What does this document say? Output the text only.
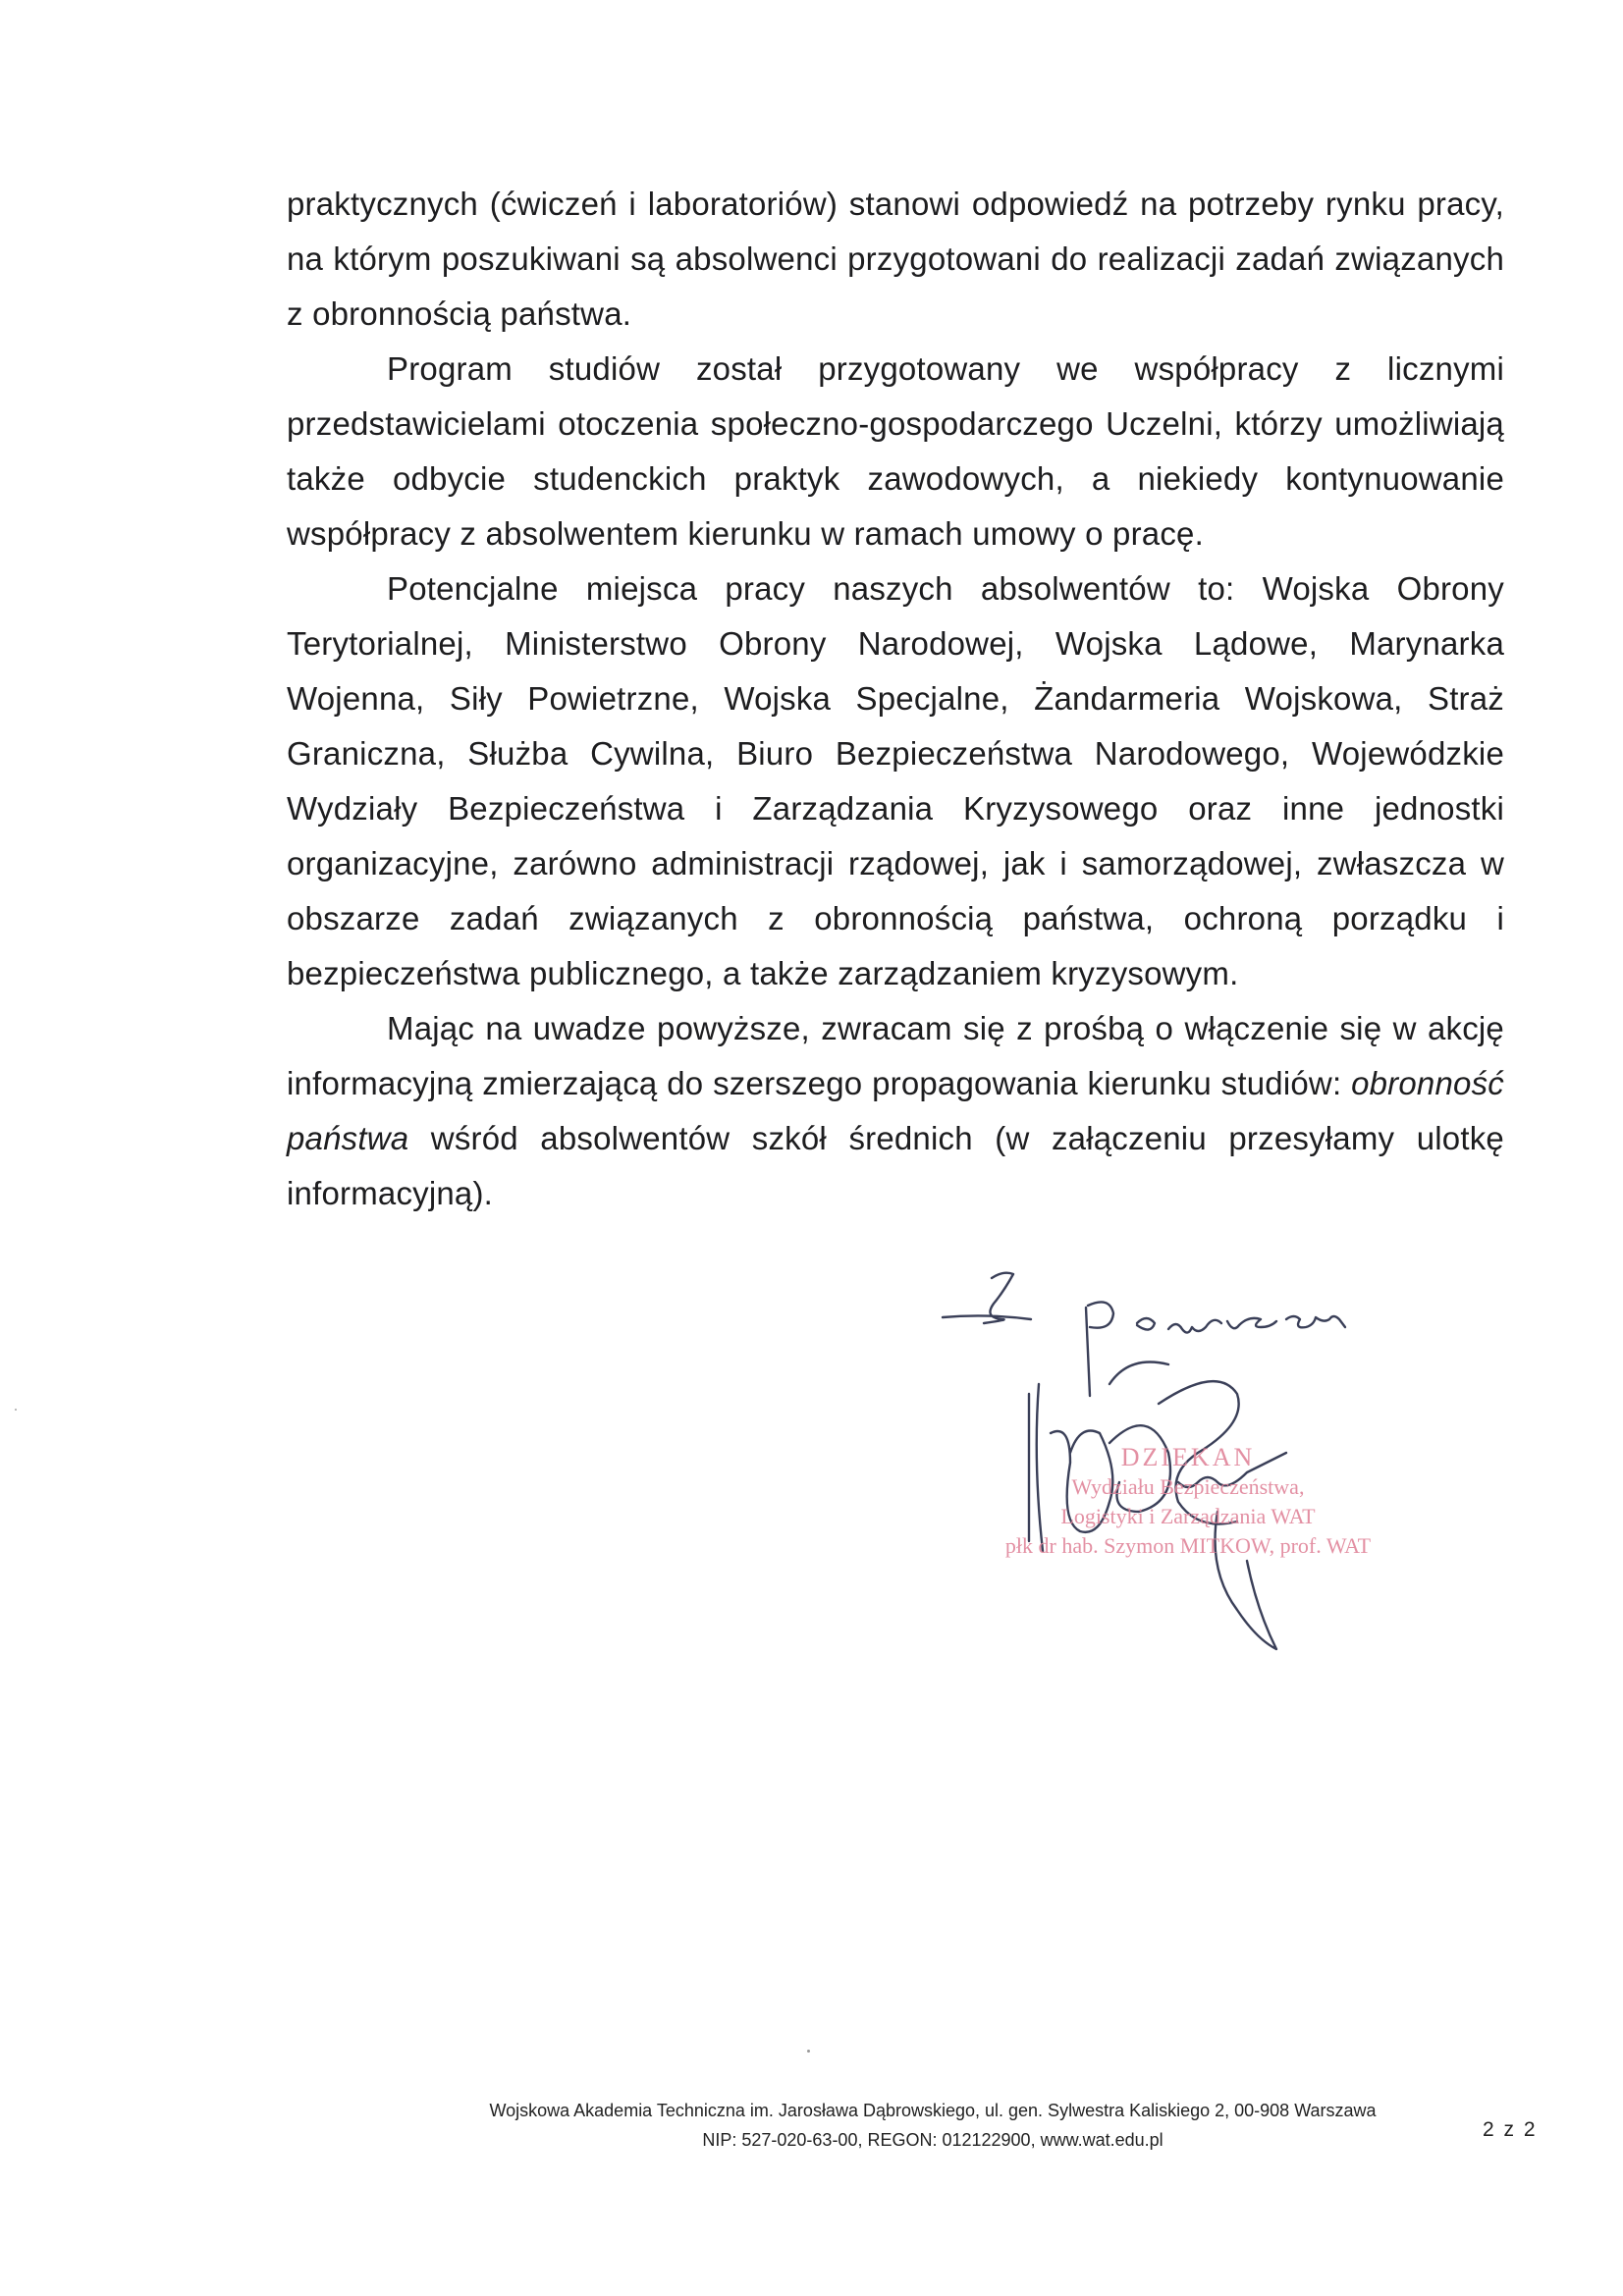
praktycznych (ćwiczeń i laboratoriów) stanowi odpowiedź na potrzeby rynku pracy, na którym poszukiwani są absolwenci przygotowani do realizacji zadań związanych z obronnością państwa.

Program studiów został przygotowany we współpracy z licznymi przedstawicielami otoczenia społeczno-gospodarczego Uczelni, którzy umożliwiają także odbycie studenckich praktyk zawodowych, a niekiedy kontynuowanie współpracy z absolwentem kierunku w ramach umowy o pracę.

Potencjalne miejsca pracy naszych absolwentów to: Wojska Obrony Terytorialnej, Ministerstwo Obrony Narodowej, Wojska Lądowe, Marynarka Wojenna, Siły Powietrzne, Wojska Specjalne, Żandarmeria Wojskowa, Straż Graniczna, Służba Cywilna, Biuro Bezpieczeństwa Narodowego, Wojewódzkie Wydziały Bezpieczeństwa i Zarządzania Kryzysowego oraz inne jednostki organizacyjne, zarówno administracji rządowej, jak i samorządowej, zwłaszcza w obszarze zadań związanych z obronnością państwa, ochroną porządku i bezpieczeństwa publicznego, a także zarządzaniem kryzysowym.

Mając na uwadze powyższe, zwracam się z prośbą o włączenie się w akcję informacyjną zmierzającą do szerszego propagowania kierunku studiów: obronność państwa wśród absolwentów szkół średnich (w załączeniu przesyłamy ulotkę informacyjną).

DZIEKAN
Wydziału Bezpieczeństwa,
Logistyki i Zarządzania WAT
płk dr hab. Szymon MITKOW, prof. WAT
Wojskowa Akademia Techniczna im. Jarosława Dąbrowskiego, ul. gen. Sylwestra Kaliskiego 2, 00-908 Warszawa
NIP: 527-020-63-00, REGON: 012122900, www.wat.edu.pl	2 z 2
